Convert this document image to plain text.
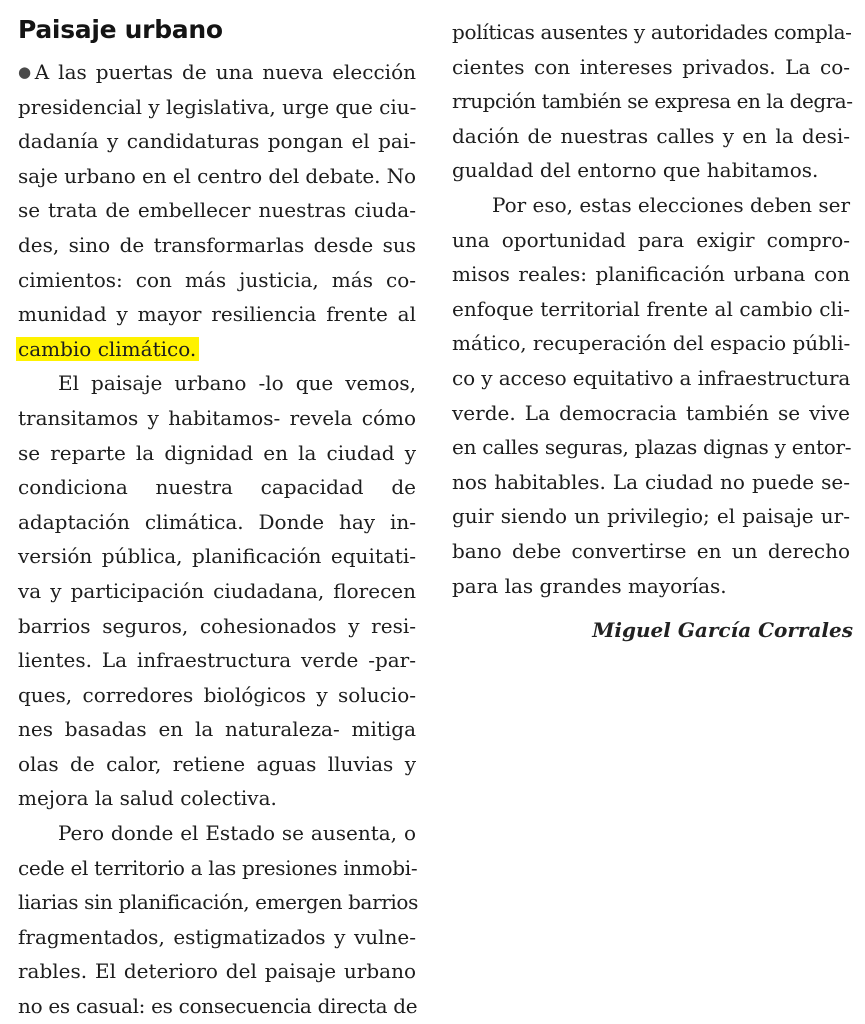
Paisaje urbano
●A las puertas de una nueva elección
presidencial y legislativa, urge que ciu-
dadanía y candidaturas pongan el pai-
saje urbano en el centro del debate. No
se trata de embellecer nuestras ciuda-
des, sino de transformarlas desde sus
cimientos: con más justicia, más co-
munidad y mayor resiliencia frente al
cambio climático.
El paisaje urbano -lo que vemos,
transitamos y habitamos- revela cómo
se reparte la dignidad en la ciudad y
condiciona nuestra capacidad de
adaptación climática. Donde hay in-
versión pública, planificación equitati-
va y participación ciudadana, florecen
barrios seguros, cohesionados y resi-
lientes. La infraestructura verde -par-
ques, corredores biológicos y solucio-
nes basadas en la naturaleza- mitiga
olas de calor, retiene aguas lluvias y
mejora la salud colectiva.
Pero donde el Estado se ausenta, o
cede el territorio a las presiones inmobi-
liarias sin planificación, emergen barrios
fragmentados, estigmatizados y vulne-
rables. El deterioro del paisaje urbano
no es casual: es consecuencia directa de
políticas ausentes y autoridades compla-
cientes con intereses privados. La co-
rrupción también se expresa en la degra-
dación de nuestras calles y en la desi-
gualdad del entorno que habitamos.
Por eso, estas elecciones deben ser
una oportunidad para exigir compro-
misos reales: planificación urbana con
enfoque territorial frente al cambio cli-
mático, recuperación del espacio públi-
co y acceso equitativo a infraestructura
verde. La democracia también se vive
en calles seguras, plazas dignas y entor-
nos habitables. La ciudad no puede se-
guir siendo un privilegio; el paisaje ur-
bano debe convertirse en un derecho
para las grandes mayorías.
Miguel García Corrales
